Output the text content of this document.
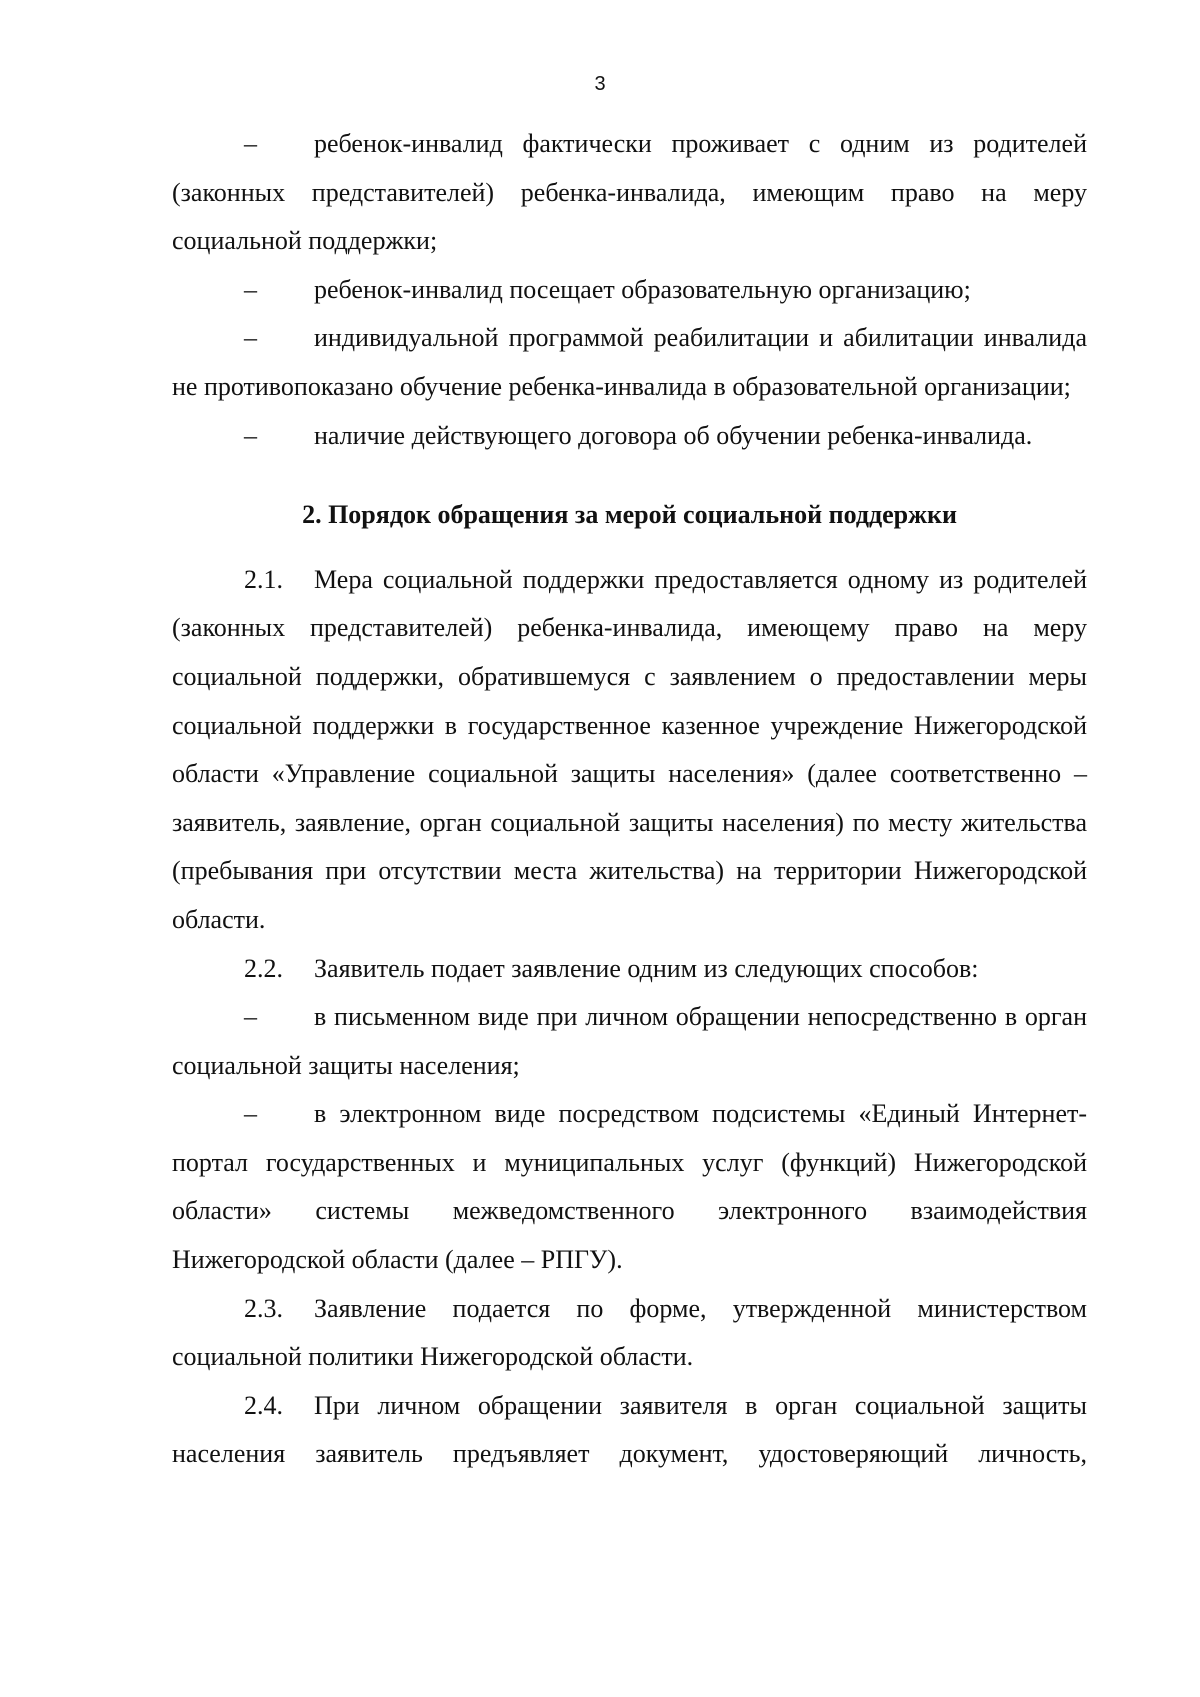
3

– ребенок-инвалид фактически проживает с одним из родителей (законных представителей) ребенка-инвалида, имеющим право на меру социальной поддержки;

– ребенок-инвалид посещает образовательную организацию;

– индивидуальной программой реабилитации и абилитации инвалида не противопоказано обучение ребенка-инвалида в образовательной организации;

– наличие действующего договора об обучении ребенка-инвалида.

2. Порядок обращения за мерой социальной поддержки

2.1. Мера социальной поддержки предоставляется одному из родителей (законных представителей) ребенка-инвалида, имеющему право на меру социальной поддержки, обратившемуся с заявлением о предоставлении меры социальной поддержки в государственное казенное учреждение Нижегородской области «Управление социальной защиты населения» (далее соответственно – заявитель, заявление, орган социальной защиты населения) по месту жительства (пребывания при отсутствии места жительства) на территории Нижегородской области.

2.2. Заявитель подает заявление одним из следующих способов:

– в письменном виде при личном обращении непосредственно в орган социальной защиты населения;

– в электронном виде посредством подсистемы «Единый Интернет-портал государственных и муниципальных услуг (функций) Нижегородской области» системы межведомственного электронного взаимодействия Нижегородской области (далее – РПГУ).

2.3. Заявление подается по форме, утвержденной министерством социальной политики Нижегородской области.

2.4. При личном обращении заявителя в орган социальной защиты населения заявитель предъявляет документ, удостоверяющий личность,
